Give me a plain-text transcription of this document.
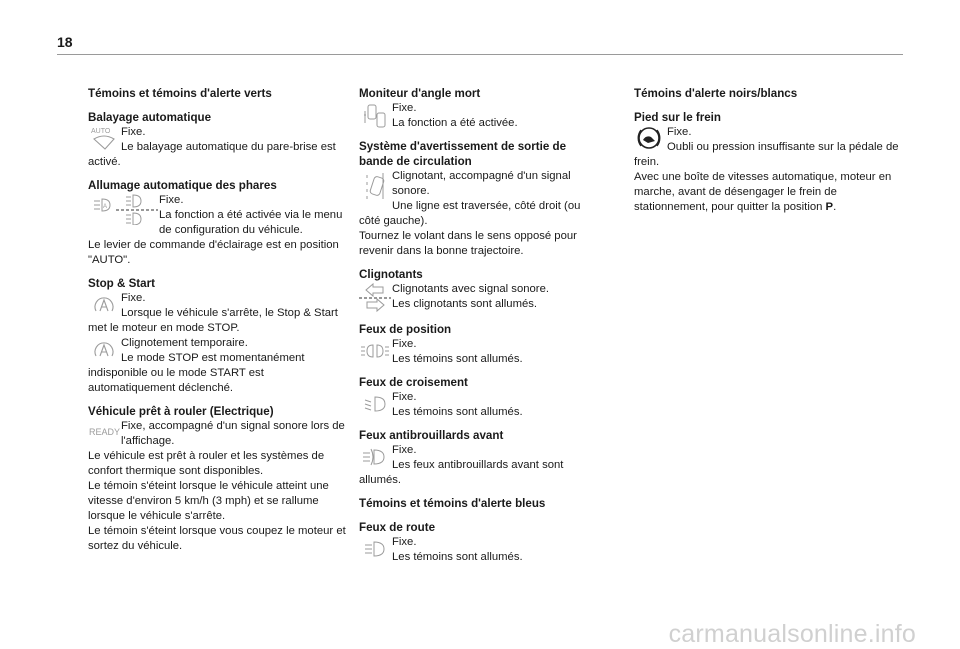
18
Témoins et témoins d'alerte verts
Balayage automatique
AUTO Fixe.
Le balayage automatique du pare-brise est activé.
Allumage automatique des phares
A
Fixe.
La fonction a été activée via le menu de configuration du véhicule.
Le levier de commande d'éclairage est en position "AUTO".
Stop & Start
Fixe.
Lorsque le véhicule s'arrête, le Stop & Start met le moteur en mode STOP.
Clignotement temporaire.
Le mode STOP est momentanément indisponible ou le mode START est automatiquement déclenché.
Véhicule prêt à rouler (Electrique)
READY Fixe, accompagné d'un signal sonore lors de l'affichage.
Le véhicule est prêt à rouler et les systèmes de confort thermique sont disponibles.
Le témoin s'éteint lorsque le véhicule atteint une vitesse d'environ 5 km/h (3 mph) et se rallume lorsque le véhicule s'arrête.
Le témoin s'éteint lorsque vous coupez le moteur et sortez du véhicule.
Moniteur d'angle mort
Fixe.
La fonction a été activée.
Système d'avertissement de sortie de bande de circulation
Clignotant, accompagné d'un signal sonore.
Une ligne est traversée, côté droit (ou côté gauche).
Tournez le volant dans le sens opposé pour revenir dans la bonne trajectoire.
Clignotants
Clignotants avec signal sonore.
Les clignotants sont allumés.
Feux de position
Fixe.
Les témoins sont allumés.
Feux de croisement
Fixe.
Les témoins sont allumés.
Feux antibrouillards avant
Fixe.
Les feux antibrouillards avant sont allumés.
Témoins et témoins d'alerte bleus
Feux de route
Fixe.
Les témoins sont allumés.
Témoins d'alerte noirs/blancs
Pied sur le frein
Fixe.
Oubli ou pression insuffisante sur la pédale de frein.
Avec une boîte de vitesses automatique, moteur en marche, avant de désengager le frein de stationnement, pour quitter la position P.
carmanualsonline.info
